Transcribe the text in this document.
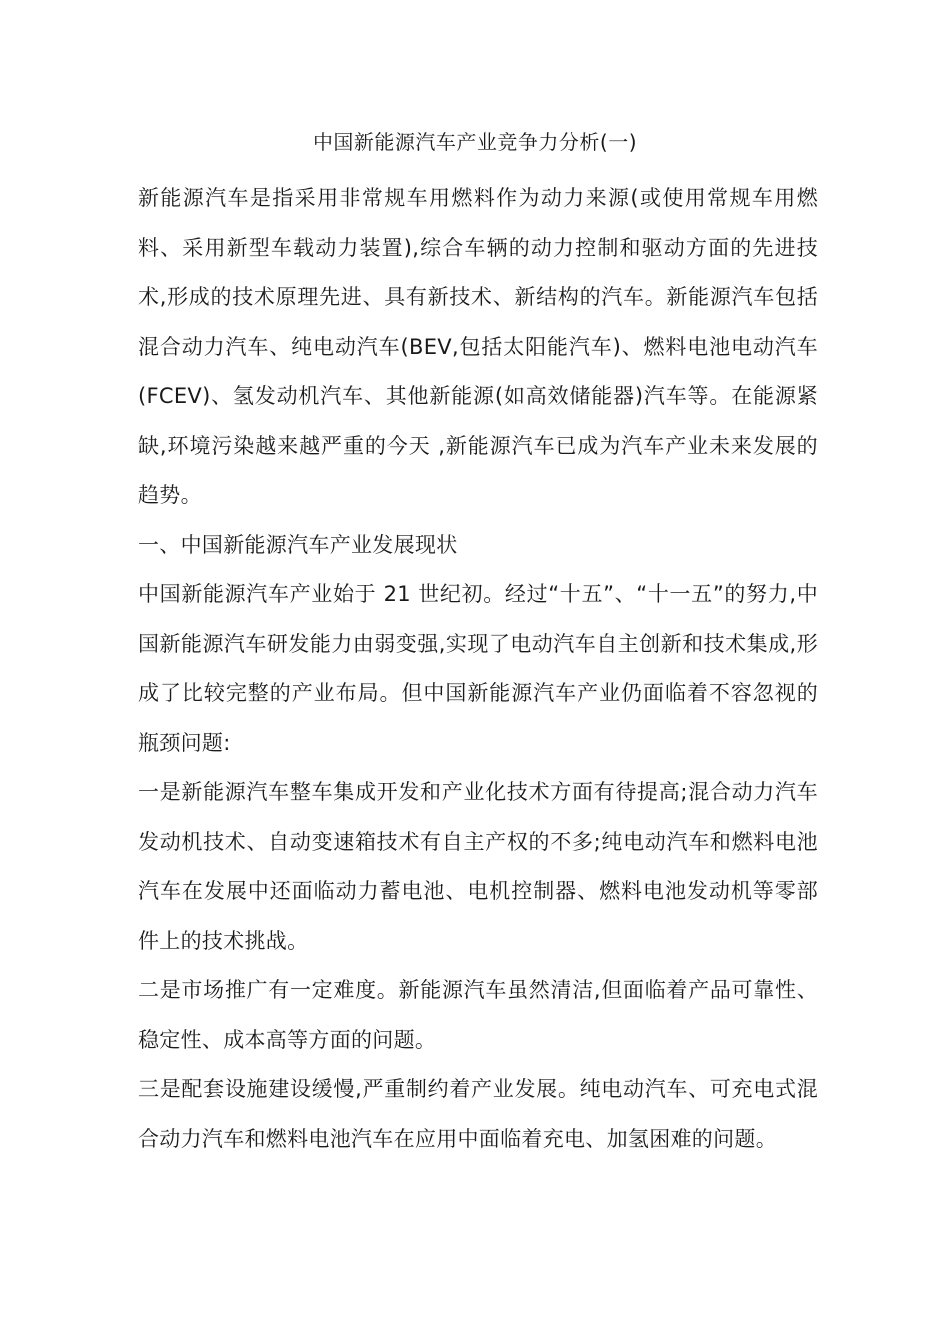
中国新能源汽车产业竞争力分析(一)

新能源汽车是指采用非常规车用燃料作为动力来源(或使用常规车用燃料、采用新型车载动力装置),综合车辆的动力控制和驱动方面的先进技术,形成的技术原理先进、具有新技术、新结构的汽车。新能源汽车包括混合动力汽车、纯电动汽车(BEV,包括太阳能汽车)、燃料电池电动汽车(FCEV)、氢发动机汽车、其他新能源(如高效储能器)汽车等。在能源紧缺,环境污染越来越严重的今天 ,新能源汽车已成为汽车产业未来发展的趋势。

一、中国新能源汽车产业发展现状

中国新能源汽车产业始于 21 世纪初。经过“十五”、“十一五”的努力,中国新能源汽车研发能力由弱变强,实现了电动汽车自主创新和技术集成,形成了比较完整的产业布局。但中国新能源汽车产业仍面临着不容忽视的瓶颈问题:

一是新能源汽车整车集成开发和产业化技术方面有待提高;混合动力汽车发动机技术、自动变速箱技术有自主产权的不多;纯电动汽车和燃料电池汽车在发展中还面临动力蓄电池、电机控制器、燃料电池发动机等零部件上的技术挑战。

二是市场推广有一定难度。新能源汽车虽然清洁,但面临着产品可靠性、稳定性、成本高等方面的问题。

三是配套设施建设缓慢,严重制约着产业发展。纯电动汽车、可充电式混合动力汽车和燃料电池汽车在应用中面临着充电、加氢困难的问题。
